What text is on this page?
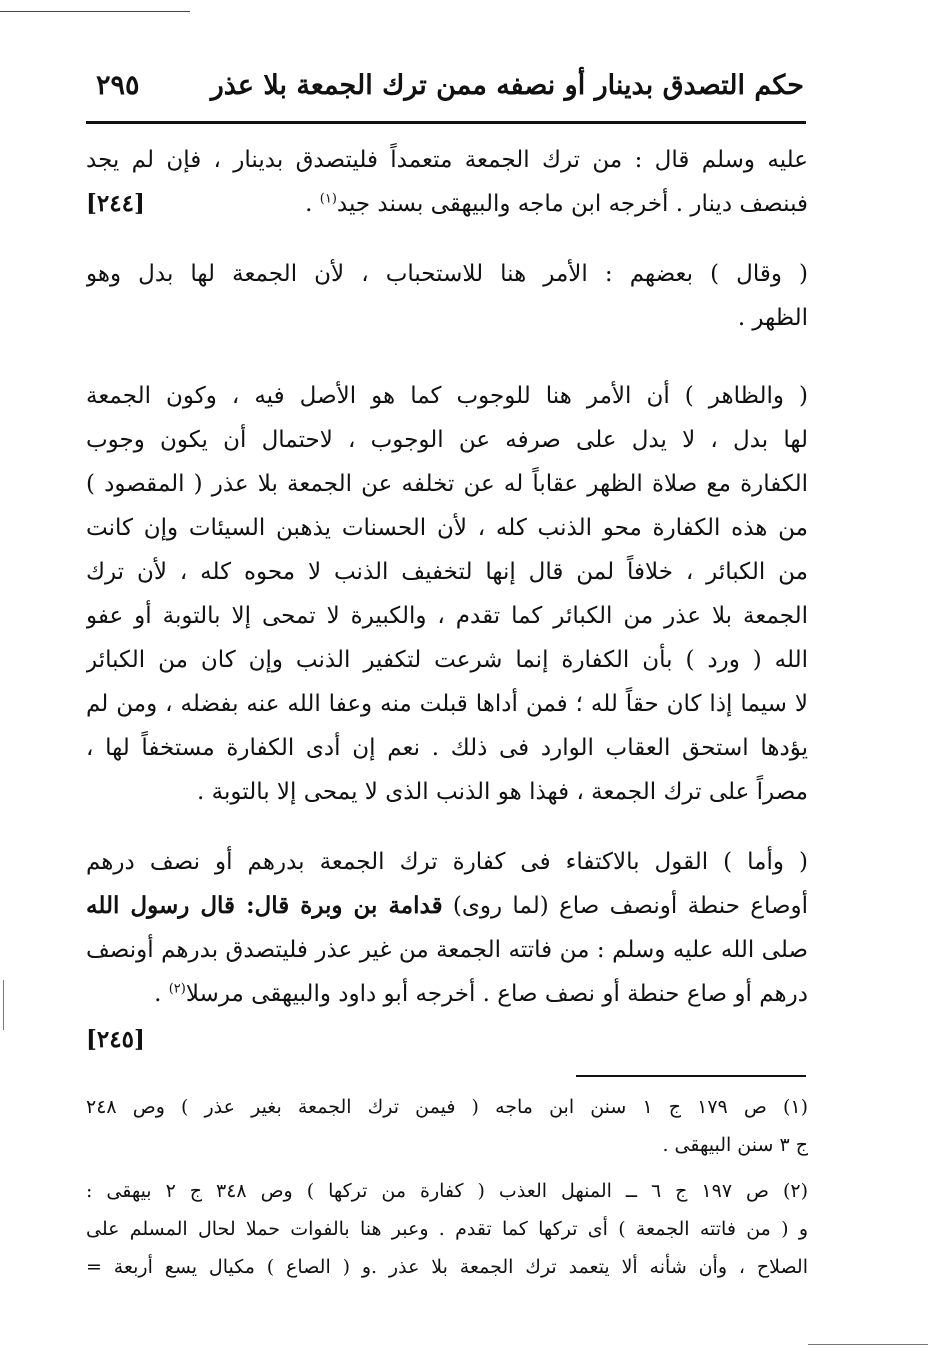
حكم التصدق بدينار أو نصفه ممن ترك الجمعة بلا عذر
٢٩٥
عليه وسلم قال : من ترك الجمعة متعمداً فليتصدق بدينار ، فإن لم يجد
فبنصف دينار . أخرجه ابن ماجه والبيهقى بسند جيد$^{(١)}$ .
[٢٤٤]
( وقال ) بعضهم : الأمر هنا للاستحباب ، لأن الجمعة لها بدل وهو
الظهر .
( والظاهر ) أن الأمر هنا للوجوب كما هو الأصل فيه ، وكون الجمعة
لها بدل ، لا يدل على صرفه عن الوجوب ، لاحتمال أن يكون وجوب
الكفارة مع صلاة الظهر عقاباً له عن تخلفه عن الجمعة بلا عذر ( المقصود )
من هذه الكفارة محو الذنب كله ، لأن الحسنات يذهبن السيئات وإن كانت
من الكبائر ، خلافاً لمن قال إنها لتخفيف الذنب لا محوه كله ، لأن ترك
الجمعة بلا عذر من الكبائر كما تقدم ، والكبيرة لا تمحى إلا بالتوبة أو عفو
الله ( ورد ) بأن الكفارة إنما شرعت لتكفير الذنب وإن كان من الكبائر
لا سيما إذا كان حقاً لله ؛ فمن أداها قبلت منه وعفا الله عنه بفضله ، ومن لم
يؤدها استحق العقاب الوارد فى ذلك . نعم إن أدى الكفارة مستخفاً لها ،
مصراً على ترك الجمعة ، فهذا هو الذنب الذى لا يمحى إلا بالتوبة .
( وأما ) القول بالاكتفاء فى كفارة ترك الجمعة بدرهم أو نصف درهم
أوصاع حنطة أونصف صاع (لما روى) قدامة بن وبرة قال: قال رسول الله
صلى الله عليه وسلم : من فاتته الجمعة من غير عذر فليتصدق بدرهم أونصف
درهم أو صاع حنطة أو نصف صاع . أخرجه أبو داود والبيهقى مرسلا$^{(٢)}$ .
[٢٤٥]
(١) ص ١٧٩ ج ١ سنن ابن ماجه ( فيمن ترك الجمعة بغير عذر ) وص ٢٤٨
ج ٣ سنن البيهقى .
(٢) ص ١٩٧ ج ٦ ــ المنهل العذب ( كفارة من تركها ) وص ٣٤٨ ج ٢ بيهقى :
و ( من فاتته الجمعة ) أى تركها كما تقدم . وعبر هنا بالفوات حملا لحال المسلم على
الصلاح ، وأن شأنه ألا يتعمد ترك الجمعة بلا عذر .و ( الصاع ) مكيال يسع أربعة =
